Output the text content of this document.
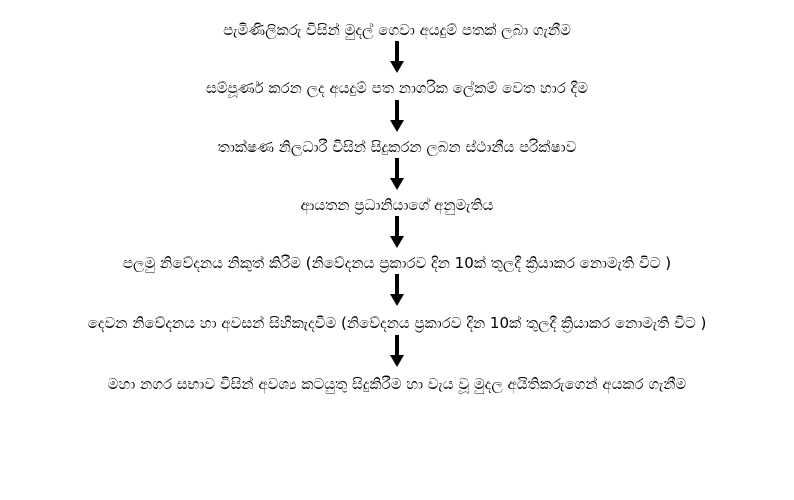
පැමිණිලිකරු විසින් මුදල් ගෙවා අයදුම් පතක් ලබා ගැනීම
සම්පූර්ණ කරන ලද අයදුම් පත නාගරික ලේකම් වෙත හාර දීම
තාක්ෂණ නිලධාරී විසින් සිදුකරන ලබන ස්ථානීය පරික්ෂාව
ආයතන ප්‍රධානියාගේ අනුමැතිය
පලමු නිවේදනය නිකුත් කිරීම (නිවේදනය ප්‍රකාරව දින 10ක් තුලදී ක්‍රියාකර නොමැති විට )
දෙවන නිවේදනය හා අවසන් සිහිකැදවීම (නිවේදනය ප්‍රකාරව දින 10ක් තුලදී ක්‍රියාකර නොමැති විට )
මහා නගර සභාව විසින් අවශ්‍ය කටයුතු සිදුකිරීම හා වැය වූ මුදල අයිතිකරුගෙන් අයකර ගැනීම
